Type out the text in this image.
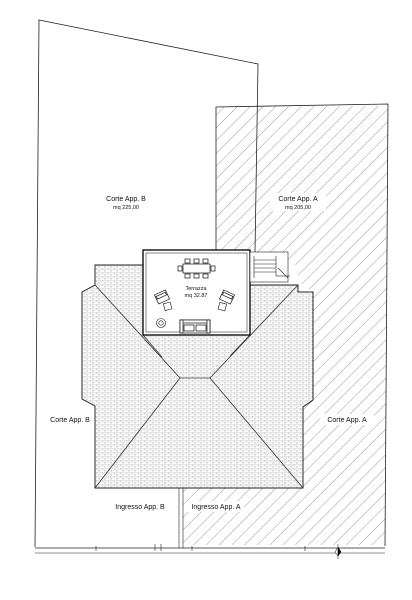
Corte App. B
mq 225,00
Corte App. A
mq 205,00
Terrazza
mq 32.87
Corte App. B	Corte App. A
Ingresso App. B	Ingresso App. A
